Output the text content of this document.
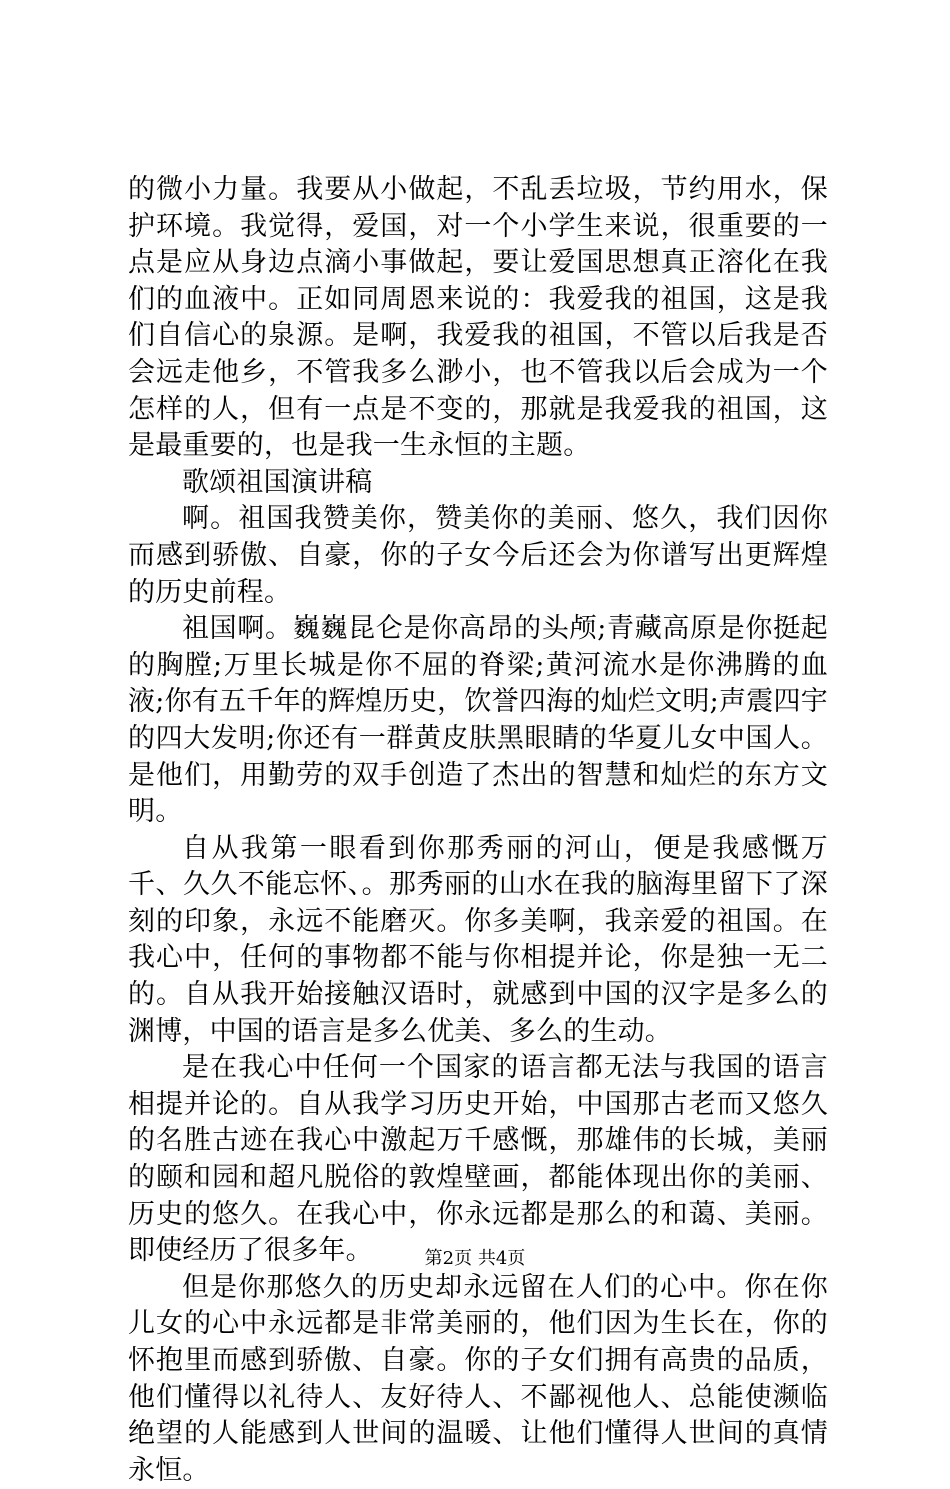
的微小力量。我要从小做起，不乱丢垃圾，节约用水，保护环境。我觉得，爱国，对一个小学生来说，很重要的一点是应从身边点滴小事做起，要让爱国思想真正溶化在我们的血液中。正如同周恩来说的：我爱我的祖国，这是我们自信心的泉源。是啊，我爱我的祖国，不管以后我是否会远走他乡，不管我多么渺小，也不管我以后会成为一个怎样的人，但有一点是不变的，那就是我爱我的祖国，这是最重要的，也是我一生永恒的主题。

歌颂祖国演讲稿

啊。祖国我赞美你，赞美你的美丽、悠久，我们因你而感到骄傲、自豪，你的子女今后还会为你谱写出更辉煌的历史前程。

祖国啊。巍巍昆仑是你高昂的头颅;青藏高原是你挺起的胸膛;万里长城是你不屈的脊梁;黄河流水是你沸腾的血液;你有五千年的辉煌历史，饮誉四海的灿烂文明;声震四宇的四大发明;你还有一群黄皮肤黑眼睛的华夏儿女中国人。是他们，用勤劳的双手创造了杰出的智慧和灿烂的东方文明。

自从我第一眼看到你那秀丽的河山，便是我感慨万千、久久不能忘怀、。那秀丽的山水在我的脑海里留下了深刻的印象，永远不能磨灭。你多美啊，我亲爱的祖国。在我心中，任何的事物都不能与你相提并论，你是独一无二的。自从我开始接触汉语时，就感到中国的汉字是多么的渊博，中国的语言是多么优美、多么的生动。

是在我心中任何一个国家的语言都无法与我国的语言相提并论的。自从我学习历史开始，中国那古老而又悠久的名胜古迹在我心中激起万千感慨，那雄伟的长城，美丽的颐和园和超凡脱俗的敦煌壁画，都能体现出你的美丽、历史的悠久。在我心中，你永远都是那么的和蔼、美丽。即使经历了很多年。

但是你那悠久的历史却永远留在人们的心中。你在你儿女的心中永远都是非常美丽的，他们因为生长在，你的怀抱里而感到骄傲、自豪。你的子女们拥有高贵的品质，他们懂得以礼待人、友好待人、不鄙视他人、总能使濒临绝望的人能感到人世间的温暖、让他们懂得人世间的真情永恒。

第2页 共4页
